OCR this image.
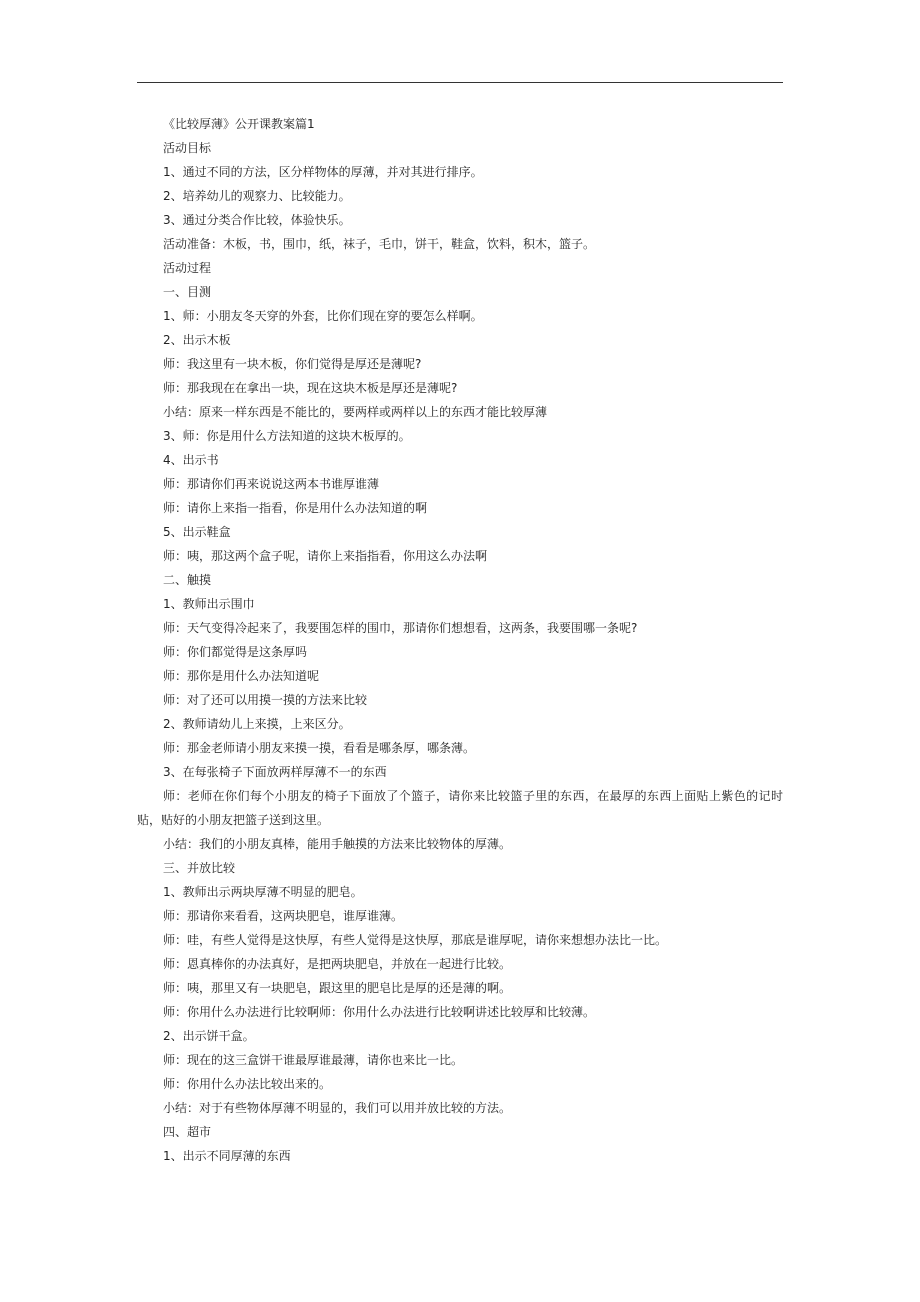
《比较厚薄》公开课教案篇1

活动目标

1、通过不同的方法，区分样物体的厚薄，并对其进行排序。

2、培养幼儿的观察力、比较能力。

3、通过分类合作比较，体验快乐。

活动准备：木板，书，围巾，纸，袜子，毛巾，饼干，鞋盒，饮料，积木，篮子。

活动过程

一、目测

1、师：小朋友冬天穿的外套，比你们现在穿的要怎么样啊。

2、出示木板

师：我这里有一块木板，你们觉得是厚还是薄呢?

师：那我现在在拿出一块，现在这块木板是厚还是薄呢?

小结：原来一样东西是不能比的，要两样或两样以上的东西才能比较厚薄

3、师：你是用什么方法知道的这块木板厚的。

4、出示书

师：那请你们再来说说这两本书谁厚谁薄

师：请你上来指一指看，你是用什么办法知道的啊

5、出示鞋盒

师：咦，那这两个盒子呢，请你上来指指看，你用这么办法啊

二、触摸

1、教师出示围巾

师：天气变得冷起来了，我要围怎样的围巾，那请你们想想看，这两条，我要围哪一条呢?

师：你们都觉得是这条厚吗

师：那你是用什么办法知道呢

师：对了还可以用摸一摸的方法来比较

2、教师请幼儿上来摸，上来区分。

师：那金老师请小朋友来摸一摸，看看是哪条厚，哪条薄。

3、在每张椅子下面放两样厚薄不一的东西

师：老师在你们每个小朋友的椅子下面放了个篮子，请你来比较篮子里的东西，在最厚的东西上面贴上紫色的记时贴，贴好的小朋友把篮子送到这里。

小结：我们的小朋友真棒，能用手触摸的方法来比较物体的厚薄。

三、并放比较

1、教师出示两块厚薄不明显的肥皂。

师：那请你来看看，这两块肥皂，谁厚谁薄。

师：哇，有些人觉得是这快厚，有些人觉得是这快厚，那底是谁厚呢，请你来想想办法比一比。

师：恩真棒你的办法真好，是把两块肥皂，并放在一起进行比较。

师：咦，那里又有一块肥皂，跟这里的肥皂比是厚的还是薄的啊。

师：你用什么办法进行比较啊师：你用什么办法进行比较啊讲述比较厚和比较薄。

2、出示饼干盒。

师：现在的这三盒饼干谁最厚谁最薄，请你也来比一比。

师：你用什么办法比较出来的。

小结：对于有些物体厚薄不明显的，我们可以用并放比较的方法。

四、超市

1、出示不同厚薄的东西
